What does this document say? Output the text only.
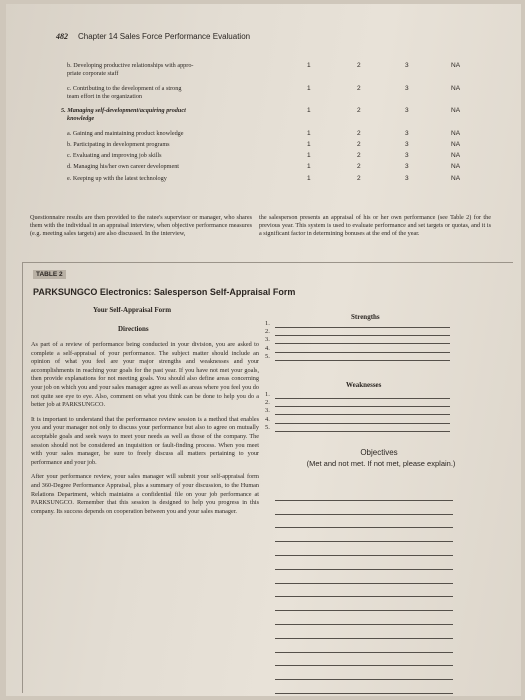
482 Chapter 14 Sales Force Performance Evaluation
b. Developing productive relationships with appro-	1	2	3	NA
priate corporate staff
c. Contributing to the development of a strong	1	2	3	NA
team effort in the organization
5. Managing self-development/acquiring product	1	2	3	NA
knowledge
a. Gaining and maintaining product knowledge	1	2	3	NA
b. Participating in development programs	1	2	3	NA
c. Evaluating and improving job skills	1	2	3	NA
d. Managing his/her own career development	1	2	3	NA
e. Keeping up with the latest technology	1	2	3	NA
Questionnaire results are then provided to the ratee's supervisor or manager, who shares them with the individual in an appraisal interview, when objective performance measures (e.g. meeting sales targets) are also discussed. In the interview,
the salesperson presents an appraisal of his or her own performance (see Table 2) for the previous year. This system is used to evaluate performance and set targets or quotas, and it is a significant factor in determining bonuses at the end of the year.
TABLE 2
PARKSUNGCO Electronics: Salesperson Self-Appraisal Form
Your Self-Appraisal Form
Directions

As part of a review of performance being conducted in your division, you are asked to complete a self-appraisal of your performance. The subject matter should include an opinion of what you feel are your major strengths and weaknesses and your accomplishments in reaching your goals for the past year. If you have not met your goals, then provide explanations for not meeting goals. You should also define areas concerning your job on which you and your sales manager agree as well as areas where you feel you do not quite see eye to eye. Also, comment on what you think can be done to help you do a better job at PARKSUNGCO.

It is important to understand that the performance review session is a method that enables you and your manager not only to discuss your performance but also to agree on mutually acceptable goals and seek ways to meet your needs as well as those of the company. The session should not be considered an inquisition or fault-finding process. When you meet with your sales manager, be sure to freely discuss all matters pertaining to your performance and your job.

After your performance review, your sales manager will submit your self-appraisal form and 360-Degree Performance Appraisal, plus a summary of your discussion, to the Human Relations Department, which maintains a confidential file on your job performance at PARKSUNGCO. Remember that this session is designed to help you progress in this company. Its success depends on cooperation between you and your sales manager.

Strengths
1.
2.
3.
4.
5.
Weaknesses
1.
2.
3.
4.
5.
Objectives
(Met and not met. If not met, please explain.)
